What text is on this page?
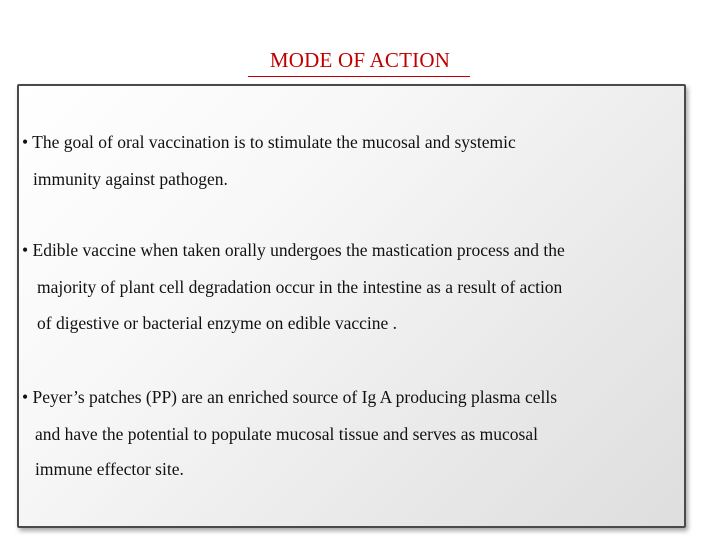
MODE OF ACTION
• The goal of oral vaccination is to stimulate the mucosal and systemic
immunity against pathogen.
• Edible vaccine when taken orally undergoes the mastication process and the
majority of plant cell degradation occur in the intestine as a result of action
of digestive or bacterial enzyme on edible vaccine .
• Peyer’s patches (PP) are an enriched source of Ig A producing plasma cells
and have the potential to populate mucosal tissue and serves as mucosal
immune effector site.
